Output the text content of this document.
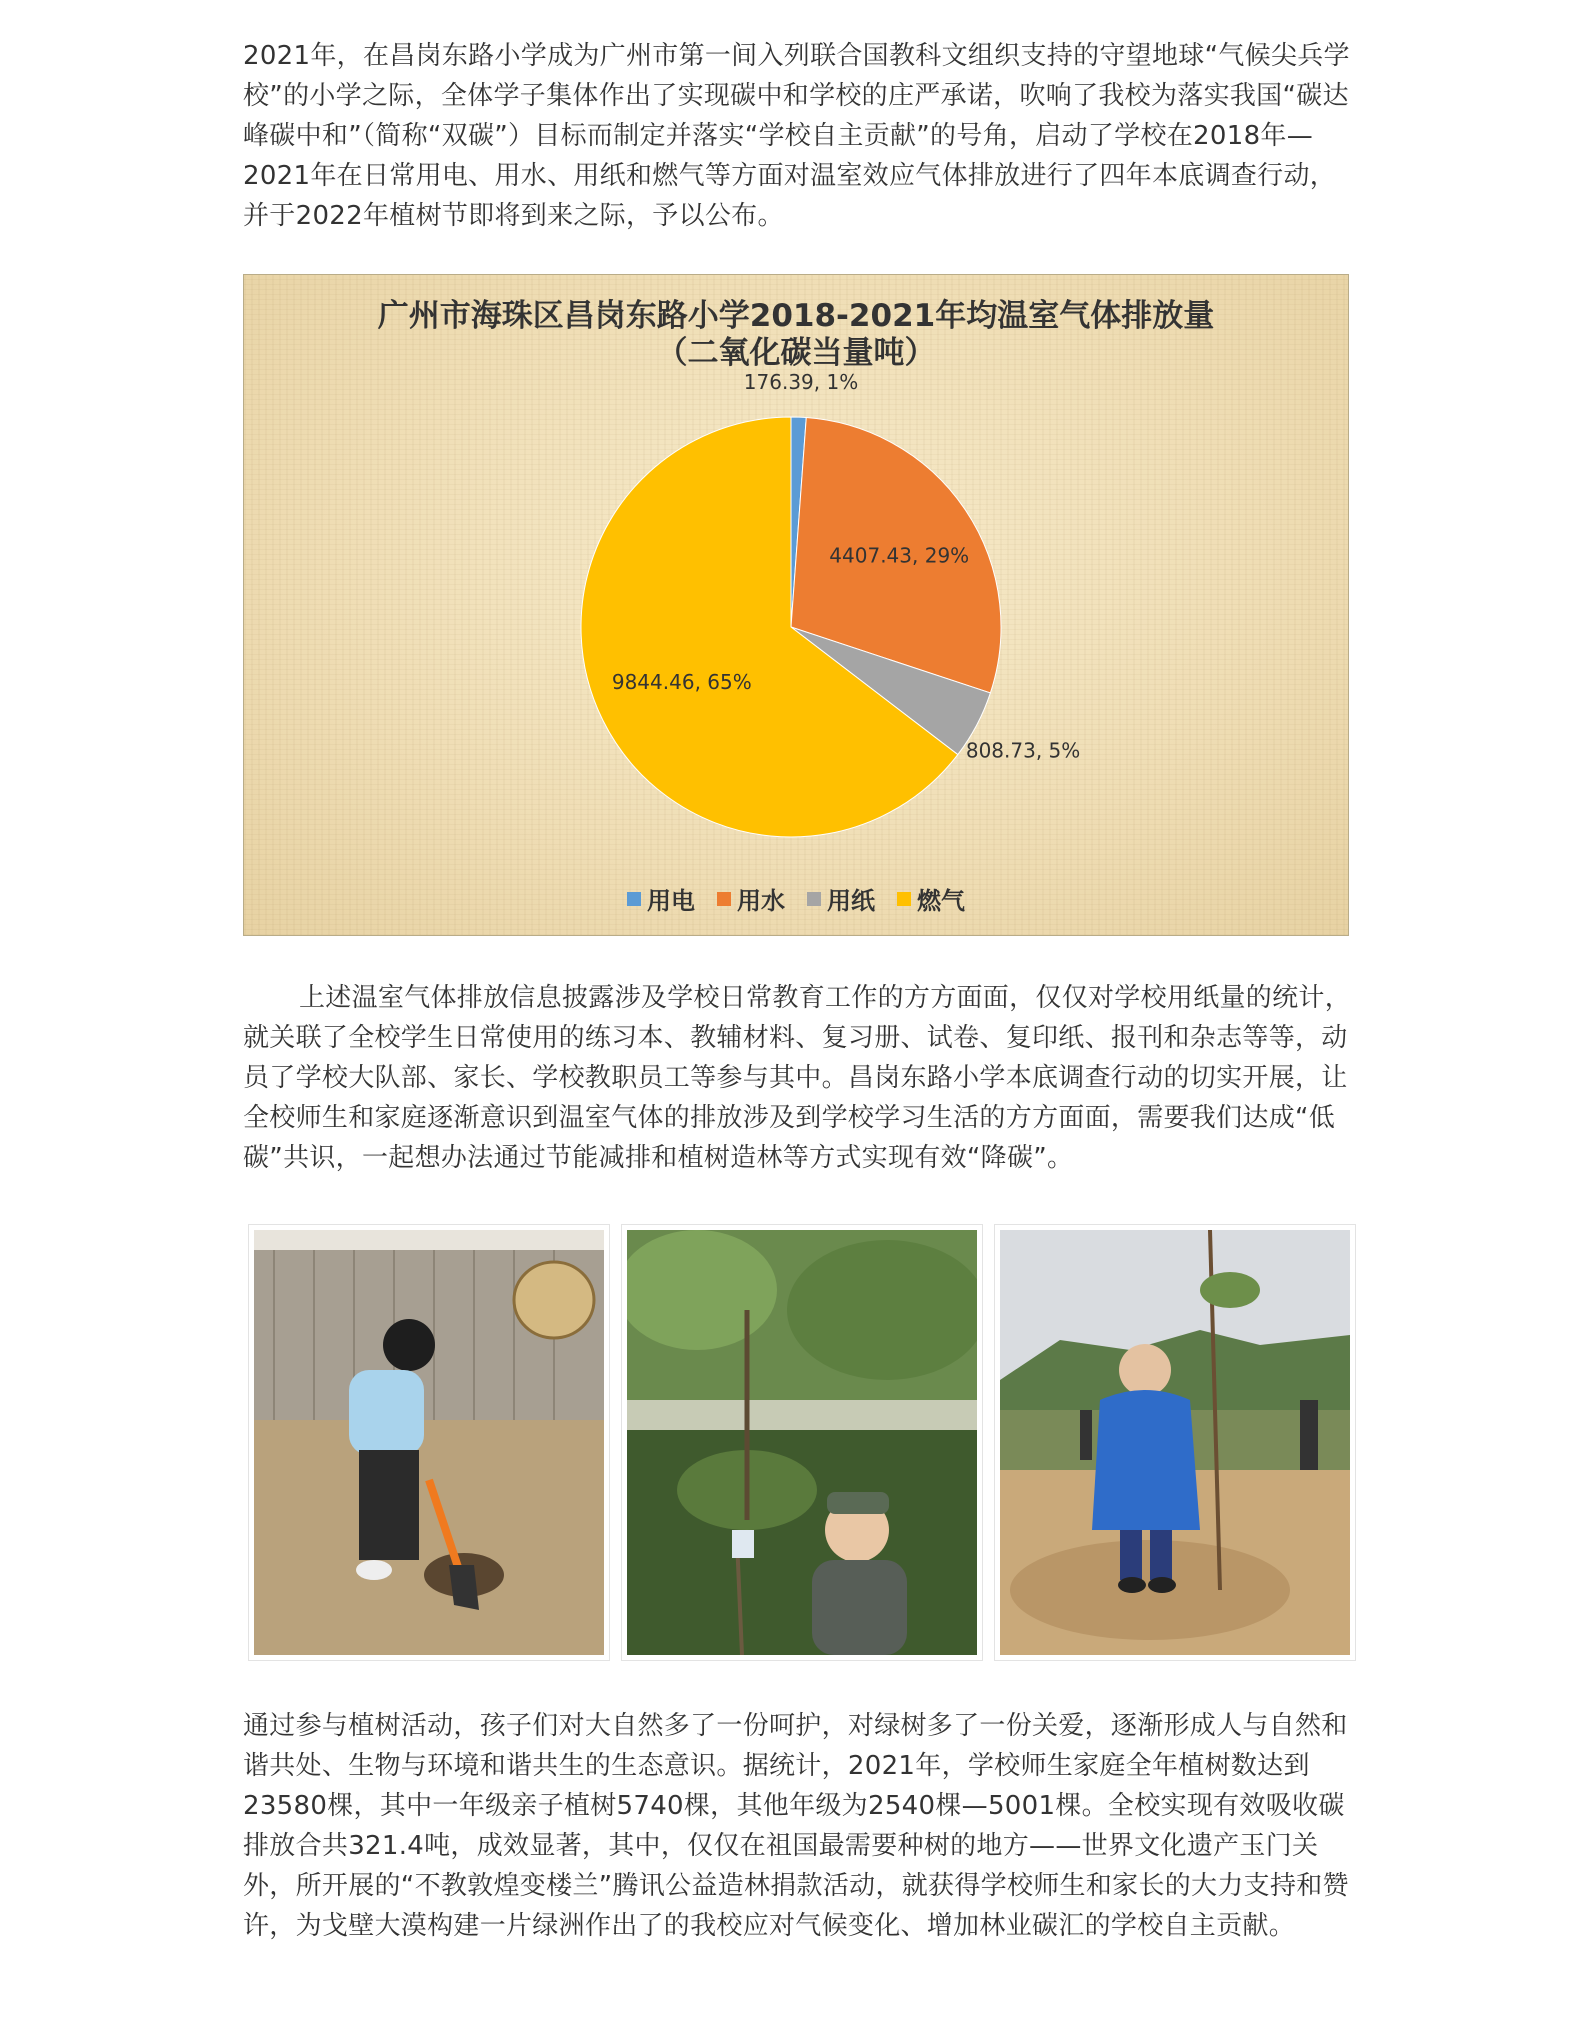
2021年，在昌岗东路小学成为广州市第一间入列联合国教科文组织支持的守望地球“气候尖兵学校”的小学之际，全体学子集体作出了实现碳中和学校的庄严承诺，吹响了我校为落实我国“碳达峰碳中和”（简称“双碳”）目标而制定并落实“学校自主贡献”的号角，启动了学校在2018年—2021年在日常用电、用水、用纸和燃气等方面对温室效应气体排放进行了四年本底调查行动，并于2022年植树节即将到来之际，予以公布。

广州市海珠区昌岗东路小学2018-2021年均温室气体排放量

（二氧化碳当量吨）

176.39, 1%
4407.43, 29%
808.73, 5%
9844.46, 65%
用电 用水 用纸 燃气

上述温室气体排放信息披露涉及学校日常教育工作的方方面面，仅仅对学校用纸量的统计，就关联了全校学生日常使用的练习本、教辅材料、复习册、试卷、复印纸、报刊和杂志等等，动员了学校大队部、家长、学校教职员工等参与其中。昌岗东路小学本底调查行动的切实开展，让全校师生和家庭逐渐意识到温室气体的排放涉及到学校学习生活的方方面面，需要我们达成“低碳”共识，一起想办法通过节能减排和植树造林等方式实现有效“降碳”。

通过参与植树活动，孩子们对大自然多了一份呵护，对绿树多了一份关爱，逐渐形成人与自然和谐共处、生物与环境和谐共生的生态意识。据统计，2021年，学校师生家庭全年植树数达到23580棵，其中一年级亲子植树5740棵，其他年级为2540棵—5001棵。全校实现有效吸收碳排放合共321.4吨，成效显著，其中，仅仅在祖国最需要种树的地方——世界文化遗产玉门关外，所开展的“不教敦煌变楼兰”腾讯公益造林捐款活动，就获得学校师生和家长的大力支持和赞许，为戈壁大漠构建一片绿洲作出了的我校应对气候变化、增加林业碳汇的学校自主贡献。
